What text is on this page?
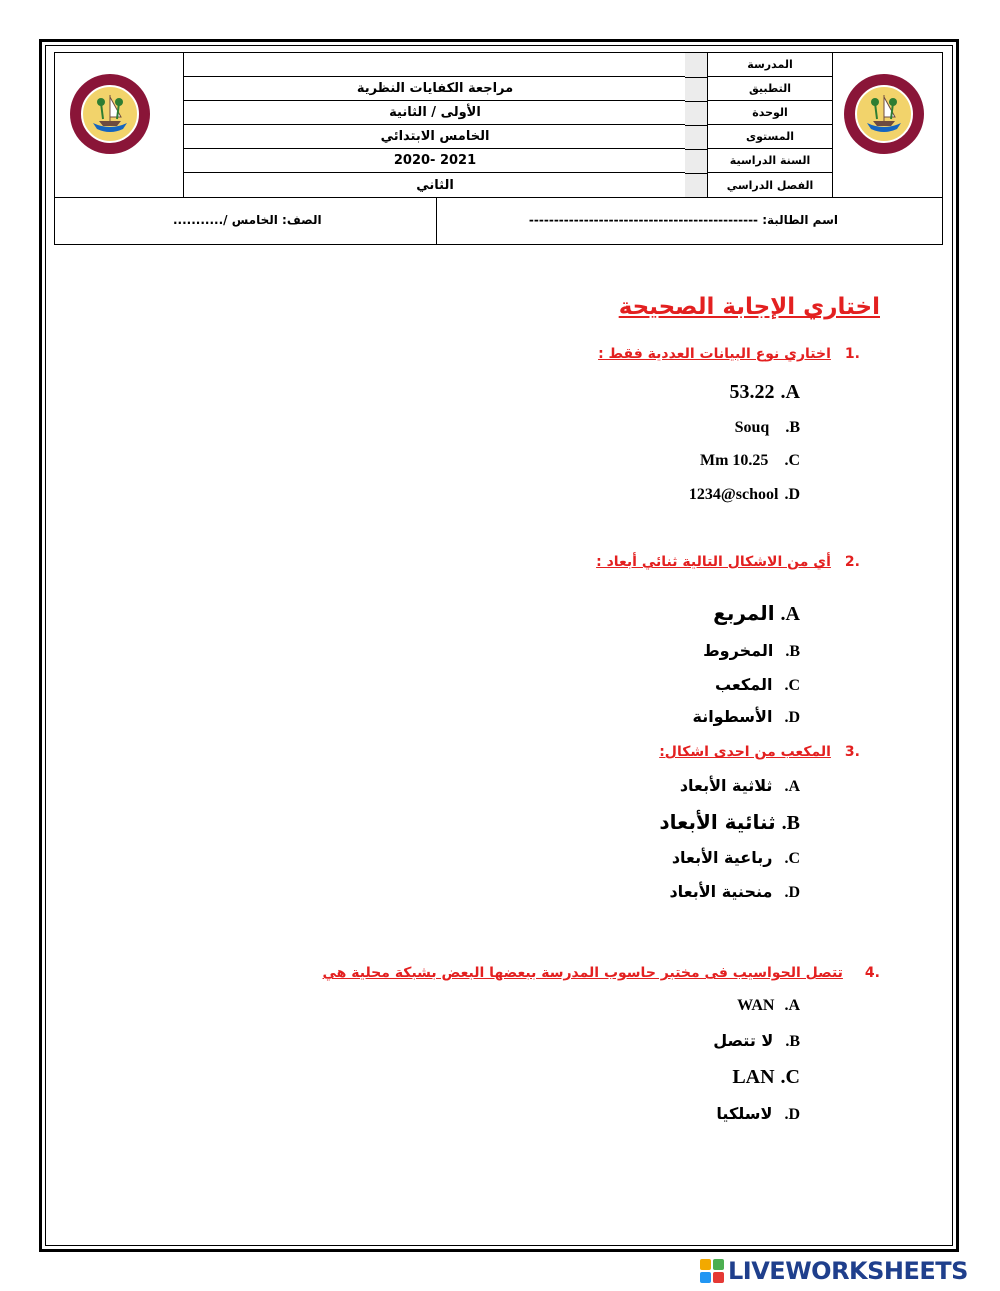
مراجعة الكفايات النظرية
الأولى / الثانية
الخامس الابتدائي
2021 -2020
الثاني
المدرسة
التطبيق
الوحدة
المستوى
السنة الدراسية
الفصل الدراسي
اسم الطالبة: ----------------------------------------------
الصف: الخامس /...........
اختاري الإجابة الصحيحة
.1اختاري نوع البيانات العددية فقط :
53.22 .A
Souq .B
Mm 10.25 .C
1234@school .D
.2أي من الاشكال التالية ثنائي أبعاد :
المربع .A
المخروط .B
المكعب .C
الأسطوانة .D
.3المكعب من احدى اشكال:
ثلاثية الأبعاد .A
ثنائية الأبعاد .B
رباعية الأبعاد .C
منحنية الأبعاد .D
.4تتصل الحواسيب فى مختبر حاسوب المدرسة ببعضها البعض بشبكة محلية هي
WAN .A
لا تتصل .B
LAN .C
لاسلكيا .D
LIVEWORKSHEETS
